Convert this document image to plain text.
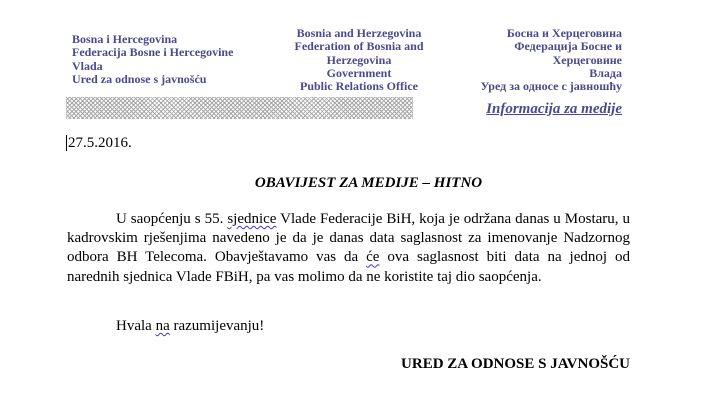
Bosna i Hercegovina
Federacija Bosne i Hercegovine
Vlada
Ured za odnose s javnošću
Bosnia and Herzegovina
Federation of Bosnia and
Herzegovina
Government
Public Relations Office
Босна и Херцеговина
Федерација Босне и
Херцеговине
Влада
Уред за односе с јавношћу
Informacija za medije
27.5.2016.
OBAVIJEST ZA MEDIJE – HITNO

U saopćenju s 55. sjednice Vlade Federacije BiH, koja je održana danas u Mostaru, u kadrovskim rješenjima navedeno je da je danas data saglasnost za imenovanje Nadzornog odbora BH Telecoma. Obavještavamo vas da će ova saglasnost biti data na jednoj od narednih sjednica Vlade FBiH, pa vas molimo da ne koristite taj dio saopćenja.

Hvala na razumijevanju!
URED ZA ODNOSE S JAVNOŠĆU
